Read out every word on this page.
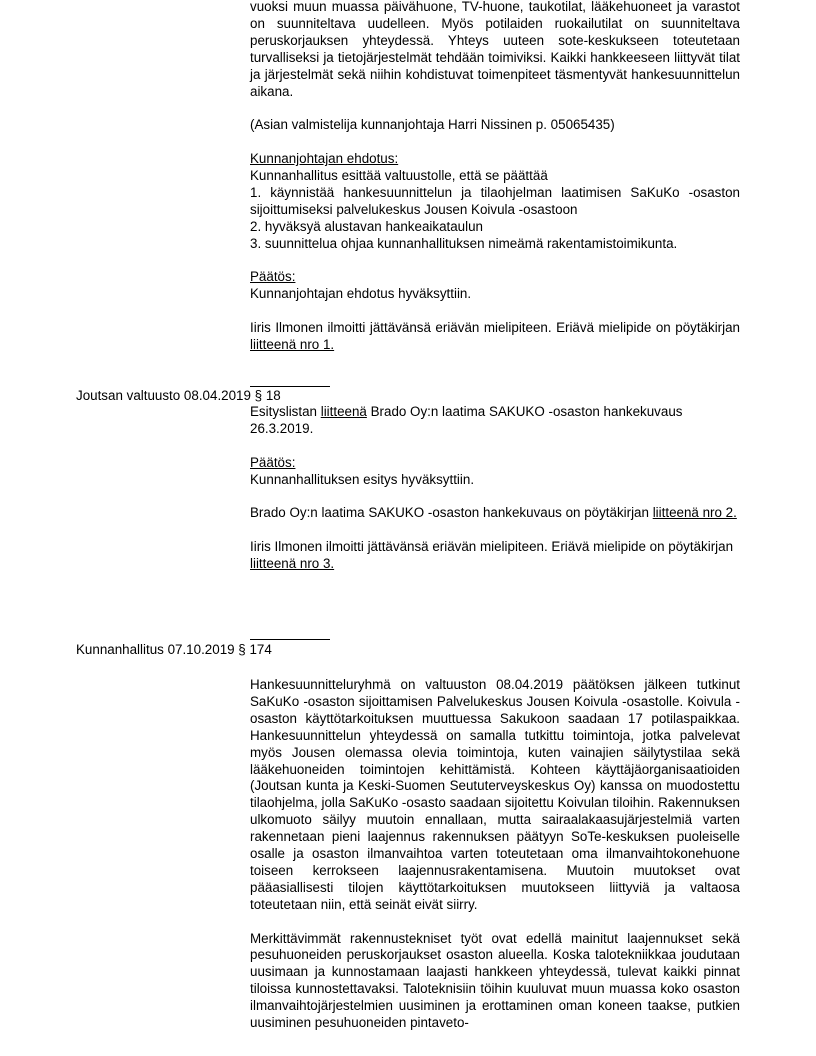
vuoksi muun muassa päivähuone, TV-huone, taukotilat, lääkehuoneet ja varastot on suunniteltava uudelleen. Myös potilaiden ruokailutilat on suunniteltava peruskorjauksen yhteydessä. Yhteys uuteen sote-keskukseen toteutetaan turvalliseksi ja tietojärjestelmät tehdään toimiviksi. Kaikki hankkeeseen liittyvät tilat ja järjestelmät sekä niihin kohdistuvat toimenpiteet täsmentyvät hankesuunnittelun aikana.

(Asian valmistelija kunnanjohtaja Harri Nissinen p. 05065435)

Kunnanjohtajan ehdotus:

Kunnanhallitus esittää valtuustolle, että se päättää

1. käynnistää hankesuunnittelun ja tilaohjelman laatimisen SaKuKo -osaston sijoittumiseksi palvelukeskus Jousen Koivula -osastoon
2. hyväksyä alustavan hankeaikataulun
3. suunnittelua ohjaa kunnanhallituksen nimeämä rakentamistoimikunta.

Päätös:

Kunnanjohtajan ehdotus hyväksyttiin.

Iiris Ilmonen ilmoitti jättävänsä eriävän mielipiteen. Eriävä mielipide on pöytäkirjan liitteenä nro 1.

Joutsan valtuusto 08.04.2019 § 18

Esityslistan liitteenä Brado Oy:n laatima SAKUKO -osaston hankekuvaus 26.3.2019.

Päätös:

Kunnanhallituksen esitys hyväksyttiin.

Brado Oy:n laatima SAKUKO -osaston hankekuvaus on pöytäkirjan liitteenä nro 2.

Iiris Ilmonen ilmoitti jättävänsä eriävän mielipiteen. Eriävä mielipide on pöytäkirjan liitteenä nro 3.

Kunnanhallitus 07.10.2019 § 174

Hankesuunnitteluryhmä on valtuuston 08.04.2019 päätöksen jälkeen tutkinut SaKuKo -osaston sijoittamisen Palvelukeskus Jousen Koivula -osastolle. Koivula -osaston käyttötarkoituksen muuttuessa Sakukoon saadaan 17 potilaspaikkaa. Hankesuunnittelun yhteydessä on samalla tutkittu toimintoja, jotka palvelevat myös Jousen olemassa olevia toimintoja, kuten vainajien säilytystilaa sekä lääkehuoneiden toimintojen kehittämistä. Kohteen käyttäjäorganisaatioiden (Joutsan kunta ja Keski-Suomen Seututerveyskeskus Oy) kanssa on muodostettu tilaohjelma, jolla SaKuKo -osasto saadaan sijoitettu Koivulan tiloihin. Rakennuksen ulkomuoto säilyy muutoin ennallaan, mutta sairaalakaasujärjestelmiä varten rakennetaan pieni laajennus rakennuksen päätyyn SoTe-keskuksen puoleiselle osalle ja osaston ilmanvaihtoa varten toteutetaan oma ilmanvaihtokonehuone toiseen kerrokseen laajennusrakentamisena. Muutoin muutokset ovat pääasiallisesti tilojen käyttötarkoituksen muutokseen liittyviä ja valtaosa toteutetaan niin, että seinät eivät siirry.

Merkittävimmät rakennustekniset työt ovat edellä mainitut laajennukset sekä pesuhuoneiden peruskorjaukset osaston alueella. Koska talotekniikkaa joudutaan uusimaan ja kunnostamaan laajasti hankkeen yhteydessä, tulevat kaikki pinnat tiloissa kunnostettavaksi. Taloteknisiin töihin kuuluvat muun muassa koko osaston ilmanvaihtojärjestelmien uusiminen ja erottaminen oman koneen taakse, putkien uusiminen pesuhuoneiden pintaveto-
